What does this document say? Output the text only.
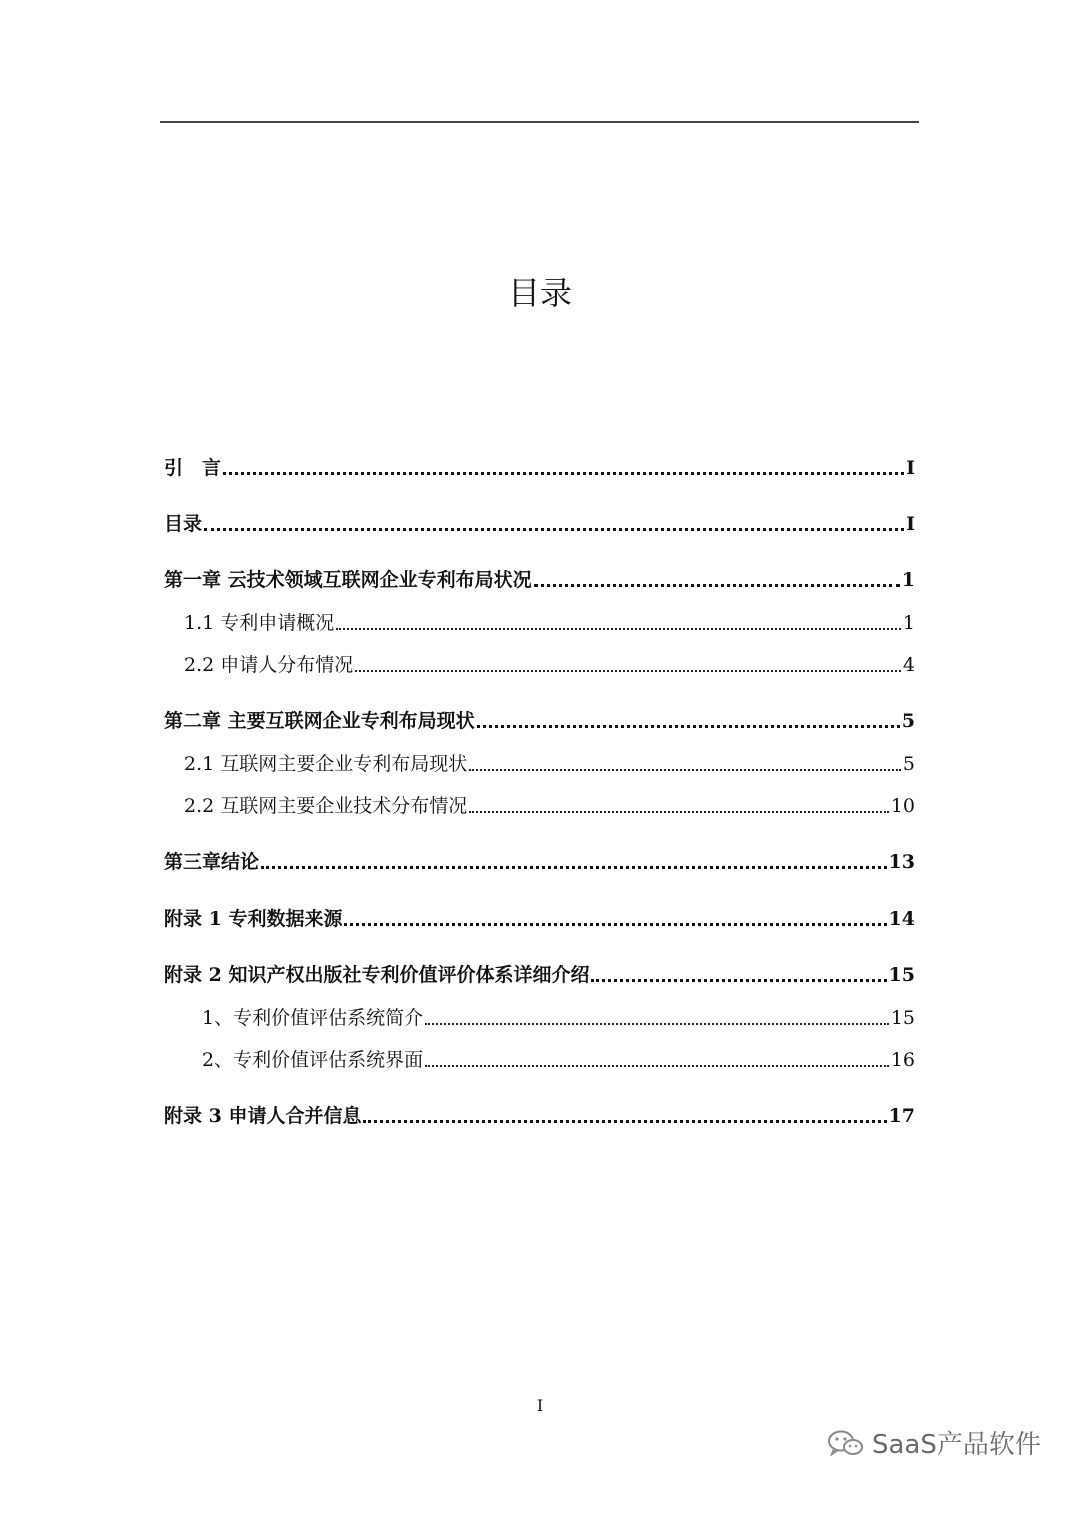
目录
引　言	I
目录	I
第一章 云技术领域互联网企业专利布局状况	1
1.1 专利申请概况	1
2.2 申请人分布情况	4
第二章 主要互联网企业专利布局现状	5
2.1 互联网主要企业专利布局现状	5
2.2 互联网主要企业技术分布情况	10
第三章结论	13
附录 1 专利数据来源	14
附录 2 知识产权出版社专利价值评价体系详细介绍	15
1、专利价值评估系统简介	15
2、专利价值评估系统界面	16
附录 3 申请人合并信息	17
I
SaaS产品软件
